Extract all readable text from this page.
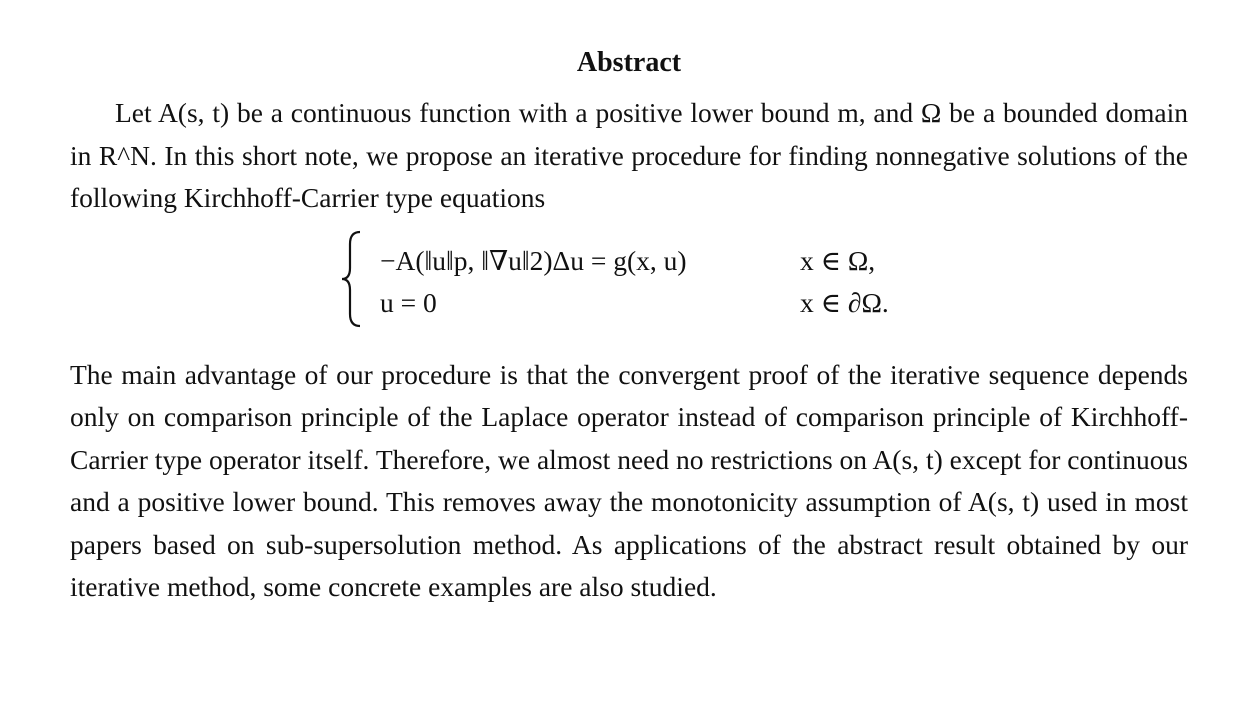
Abstract

Let A(s, t) be a continuous function with a positive lower bound m, and Ω be a bounded domain in R^N. In this short note, we propose an iterative procedure for finding nonnegative solutions of the following Kirchhoff-Carrier type equations

−A(‖u‖p, ‖∇u‖2)Δu = g(x, u)	x ∈ Ω,
u = 0	x ∈ ∂Ω.

The main advantage of our procedure is that the convergent proof of the iterative sequence depends only on comparison principle of the Laplace operator instead of comparison principle of Kirchhoff-Carrier type operator itself. Therefore, we almost need no restrictions on A(s, t) except for continuous and a positive lower bound. This removes away the monotonicity assumption of A(s, t) used in most papers based on sub-supersolution method. As applications of the abstract result obtained by our iterative method, some concrete examples are also studied.
